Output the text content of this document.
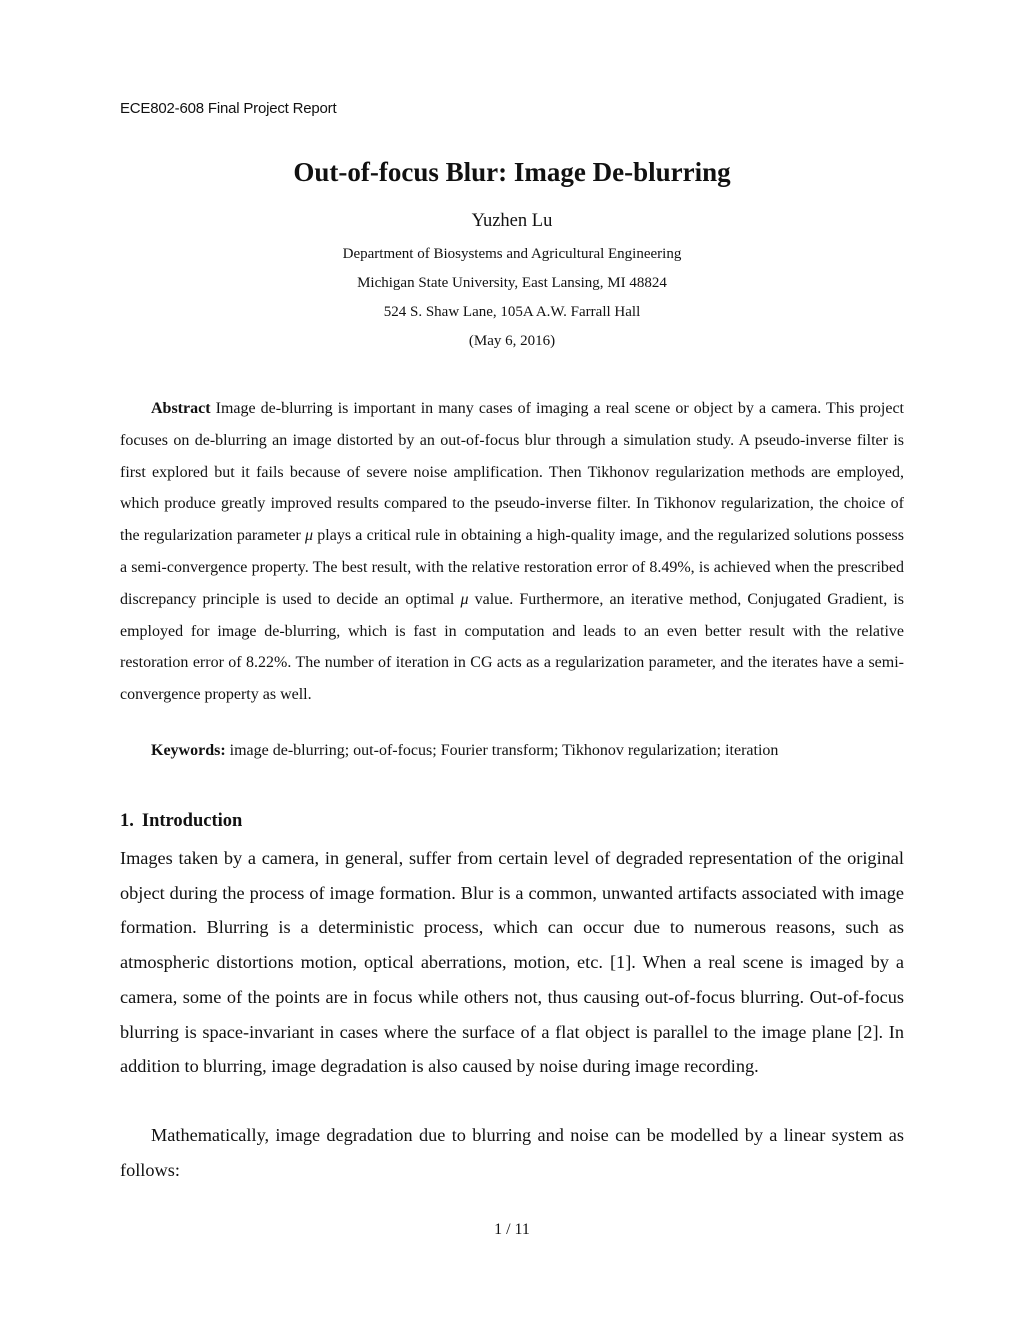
ECE802-608 Final Project Report
Out-of-focus Blur: Image De-blurring
Yuzhen Lu
Department of Biosystems and Agricultural Engineering
Michigan State University, East Lansing, MI 48824
524 S. Shaw Lane, 105A A.W. Farrall Hall
(May 6, 2016)

Abstract Image de-blurring is important in many cases of imaging a real scene or object by a camera. This project focuses on de-blurring an image distorted by an out-of-focus blur through a simulation study. A pseudo-inverse filter is first explored but it fails because of severe noise amplification. Then Tikhonov regularization methods are employed, which produce greatly improved results compared to the pseudo-inverse filter. In Tikhonov regularization, the choice of the regularization parameter μ plays a critical rule in obtaining a high-quality image, and the regularized solutions possess a semi-convergence property. The best result, with the relative restoration error of 8.49%, is achieved when the prescribed discrepancy principle is used to decide an optimal μ value. Furthermore, an iterative method, Conjugated Gradient, is employed for image de-blurring, which is fast in computation and leads to an even better result with the relative restoration error of 8.22%. The number of iteration in CG acts as a regularization parameter, and the iterates have a semi-convergence property as well.

Keywords: image de-blurring; out-of-focus; Fourier transform; Tikhonov regularization; iteration

1. Introduction

Images taken by a camera, in general, suffer from certain level of degraded representation of the original object during the process of image formation. Blur is a common, unwanted artifacts associated with image formation. Blurring is a deterministic process, which can occur due to numerous reasons, such as atmospheric distortions motion, optical aberrations, motion, etc. [1]. When a real scene is imaged by a camera, some of the points are in focus while others not, thus causing out-of-focus blurring. Out-of-focus blurring is space-invariant in cases where the surface of a flat object is parallel to the image plane [2]. In addition to blurring, image degradation is also caused by noise during image recording.

Mathematically, image degradation due to blurring and noise can be modelled by a linear system as follows:

1 / 11
